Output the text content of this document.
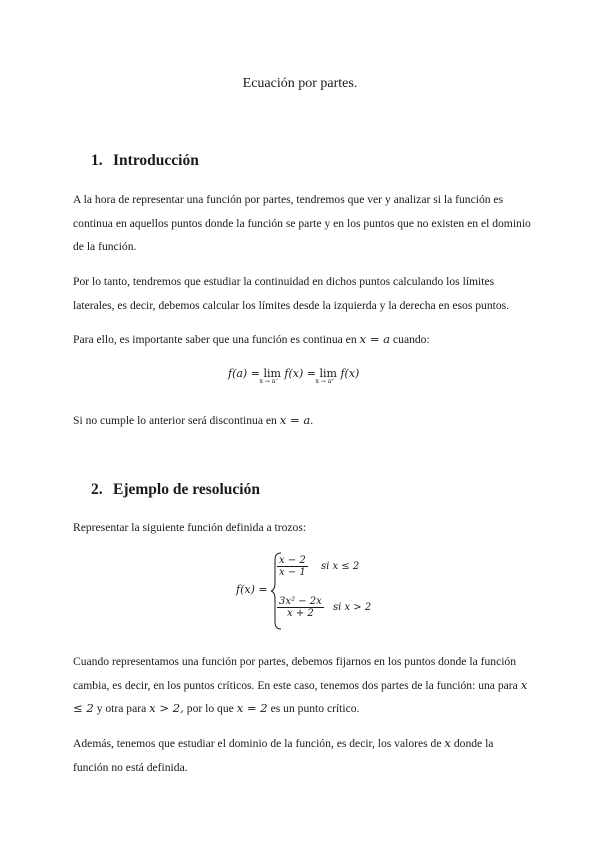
Ecuación por partes.
1. Introducción
A la hora de representar una función por partes, tendremos que ver y analizar si la función es continua en aquellos puntos donde la función se parte y en los puntos que no existen en el dominio de la función.
Por lo tanto, tendremos que estudiar la continuidad en dichos puntos calculando los límites laterales, es decir, debemos calcular los límites desde la izquierda y la derecha en esos puntos.
Para ello, es importante saber que una función es continua en x = a cuando:
f(a) = lim
x → a⁻
f(x) = lim
x → a⁺
f(x)
Si no cumple lo anterior será discontinua en x = a.
2. Ejemplo de resolución
Representar la siguiente función definida a trozos:
f(x) =
$\frac{x - 2}{x - 1}$ si x ≤ 2
$\frac{\text{3x² − 2x}}{x + 2}$ si x > 2
Cuando representamos una función por partes, debemos fijarnos en los puntos donde la función cambia, es decir, en los puntos críticos. En este caso, tenemos dos partes de la función: una para x ≤ 2 y otra para x > 2, por lo que x = 2 es un punto crítico.
Además, tenemos que estudiar el dominio de la función, es decir, los valores de x donde la función no está definida.
